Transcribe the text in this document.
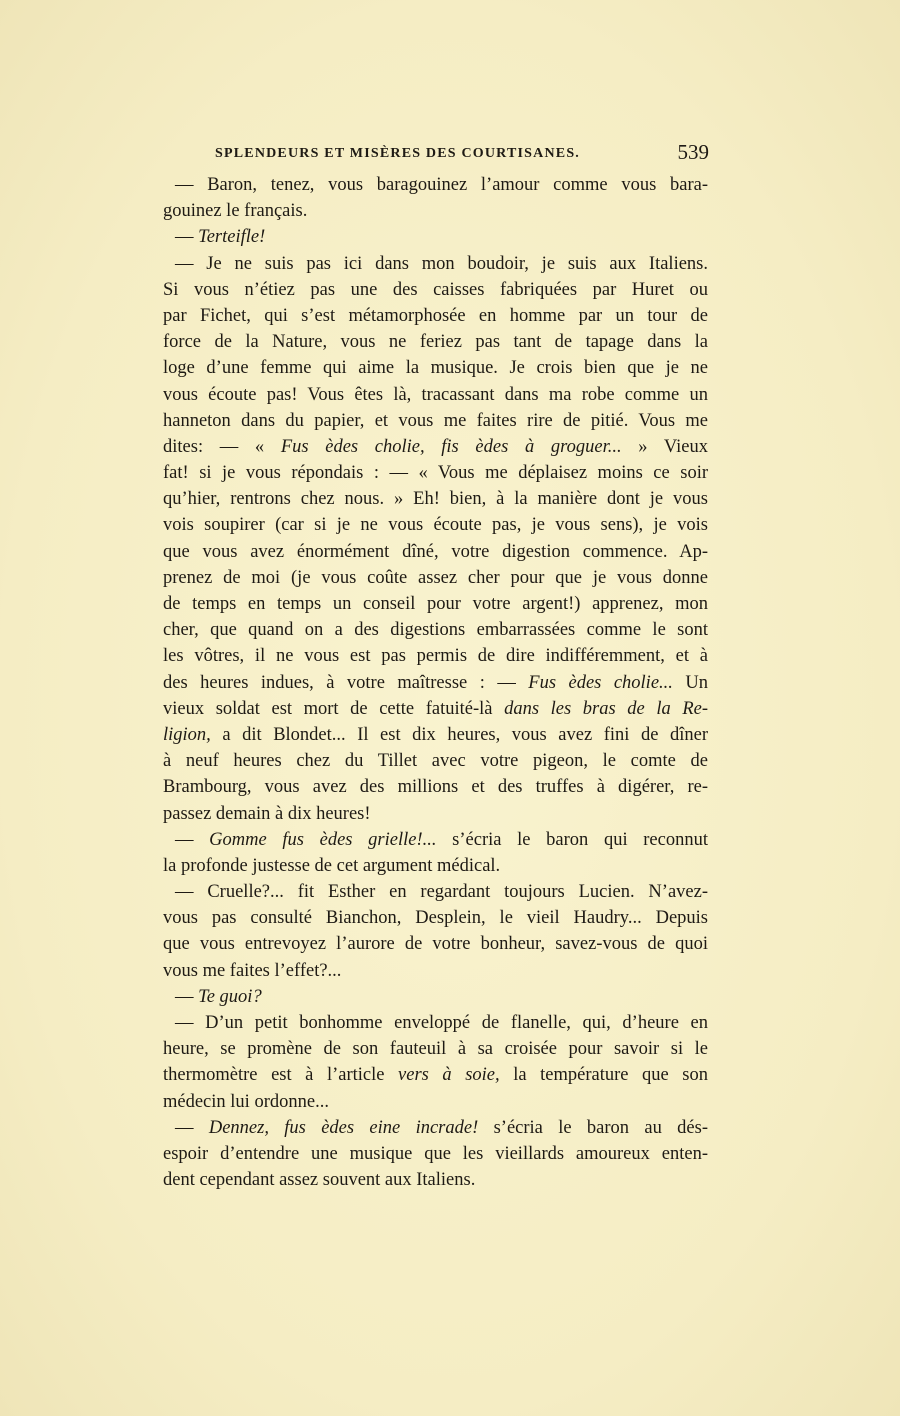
SPLENDEURS ET MISÈRES DES COURTISANES.	539
— Baron, tenez, vous baragouinez l’amour comme vous bara-
gouinez le français.
— Terteifle!
— Je ne suis pas ici dans mon boudoir, je suis aux Italiens.
Si vous n’étiez pas une des caisses fabriquées par Huret ou
par Fichet, qui s’est métamorphosée en homme par un tour de
force de la Nature, vous ne feriez pas tant de tapage dans la
loge d’une femme qui aime la musique. Je crois bien que je ne
vous écoute pas! Vous êtes là, tracassant dans ma robe comme un
hanneton dans du papier, et vous me faites rire de pitié. Vous me
dites: — « Fus èdes cholie, fis èdes à groguer... » Vieux
fat! si je vous répondais : — « Vous me déplaisez moins ce soir
qu’hier, rentrons chez nous. » Eh! bien, à la manière dont je vous
vois soupirer (car si je ne vous écoute pas, je vous sens), je vois
que vous avez énormément dîné, votre digestion commence. Ap-
prenez de moi (je vous coûte assez cher pour que je vous donne
de temps en temps un conseil pour votre argent!) apprenez, mon
cher, que quand on a des digestions embarrassées comme le sont
les vôtres, il ne vous est pas permis de dire indifféremment, et à
des heures indues, à votre maîtresse : — Fus èdes cholie... Un
vieux soldat est mort de cette fatuité-là dans les bras de la Re-
ligion, a dit Blondet... Il est dix heures, vous avez fini de dîner
à neuf heures chez du Tillet avec votre pigeon, le comte de
Brambourg, vous avez des millions et des truffes à digérer, re-
passez demain à dix heures!
— Gomme fus èdes grielle!... s’écria le baron qui reconnut
la profonde justesse de cet argument médical.
— Cruelle?... fit Esther en regardant toujours Lucien. N’avez-
vous pas consulté Bianchon, Desplein, le vieil Haudry... Depuis
que vous entrevoyez l’aurore de votre bonheur, savez-vous de quoi
vous me faites l’effet?...
— Te guoi?
— D’un petit bonhomme enveloppé de flanelle, qui, d’heure en
heure, se promène de son fauteuil à sa croisée pour savoir si le
thermomètre est à l’article vers à soie, la température que son
médecin lui ordonne...
— Dennez, fus èdes eine incrade! s’écria le baron au dés-
espoir d’entendre une musique que les vieillards amoureux enten-
dent cependant assez souvent aux Italiens.
